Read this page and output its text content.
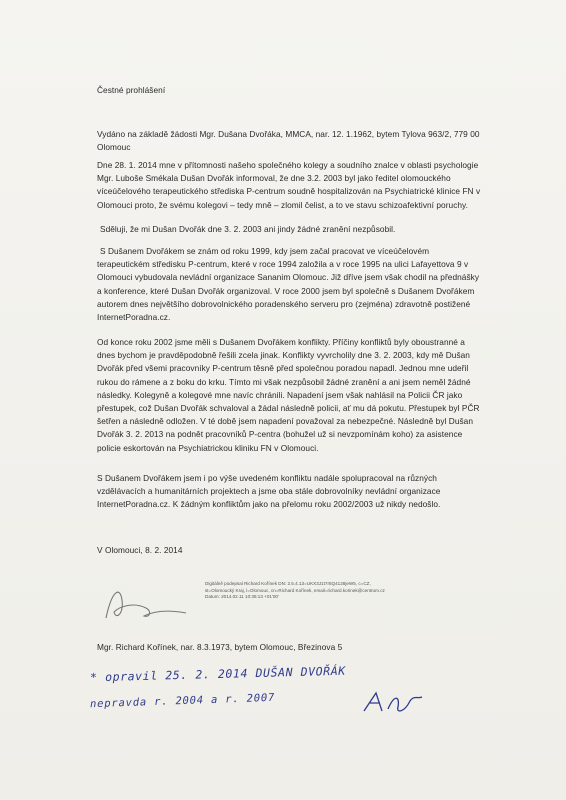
Čestné prohlášení

Vydáno na základě žádosti Mgr. Dušana Dvořáka, MMCA, nar. 12. 1.1962, bytem Tylova 963/2, 779 00 Olomouc

Dne 28. 1. 2014 mne v přítomnosti našeho společného kolegy a soudního znalce v oblasti psychologie Mgr. Luboše Smékala Dušan Dvořák informoval, že dne 3.2. 2003 byl jako ředitel olomouckého víceúčelového terapeutického střediska P-centrum soudně hospitalizován na Psychiatrické klinice FN v Olomouci proto, že svému kolegovi – tedy mně – zlomil čelist, a to ve stavu schizoafektivní poruchy.

Sděluji, že mi Dušan Dvořák dne 3. 2. 2003 ani jindy žádné zranění nezpůsobil.

S Dušanem Dvořákem se znám od roku 1999, kdy jsem začal pracovat ve víceúčelovém terapeutickém středisku P-centrum, které v roce 1994 založila a v roce 1995 na ulici Lafayettova 9 v Olomouci vybudovala nevládní organizace Sananim Olomouc. Již dříve jsem však chodil na přednášky a konference, které Dušan Dvořák organizoval. V roce 2000 jsem byl společně s Dušanem Dvořákem autorem dnes největšího dobrovolnického poradenského serveru pro (zejména) zdravotně postižené InternetPoradna.cz.

Od konce roku 2002 jsme měli s Dušanem Dvořákem konflikty. Příčiny konfliktů byly oboustranné a dnes bychom je pravděpodobně řešili zcela jinak. Konflikty vyvrcholily dne 3. 2. 2003, kdy mě Dušan Dvořák před všemi pracovníky P-centrum těsně před společnou poradou napadl. Jednou mne udeřil rukou do rámene a z boku do krku. Tímto mi však nezpůsobil žádné zranění a ani jsem neměl žádné následky. Kolegyně a kolegové mne navíc chránili. Napadení jsem však nahlásil na Policii ČR jako přestupek, což Dušan Dvořák schvaloval a žádal následně policii, ať mu dá pokutu. Přestupek byl PČR šetřen a následně odložen. V té době jsem napadení považoval za nebezpečné. Následně byl Dušan Dvořák 3. 2. 2013 na podnět pracovníků P-centra (bohužel už si nevzpomínám koho) za asistence policie eskortován na Psychiatrickou kliniku FN v Olomouci.

S Dušanem Dvořákem jsem i po výše uvedeném konfliktu nadále spolupracoval na různých vzdělávacích a humanitárních projektech a jsme oba stále dobrovolníky nevládní organizace InternetPoradna.cz. K žádným konfliktům jako na přelomu roku 2002/2003 už nikdy nedošlo.

V Olomouci, 8. 2. 2014

Digitálně podepsal Richard Kořínek DN: 2.5.4.13=UKX3J1t7r5Q4128jeW5, c=CZ, st=Olomoucký Kraj, l=Olomouc, cn=Richard Kořínek, email=richard.korinek@centrum.cz Datum: 2014.02.11 10:36:13 +01'00'

Mgr. Richard Kořínek, nar. 8.3.1973, bytem Olomouc, Březinova 5

* opravil 25. 2. 2014 DUŠAN DVOŘÁK
nepravda r. 2004 a r. 2007
